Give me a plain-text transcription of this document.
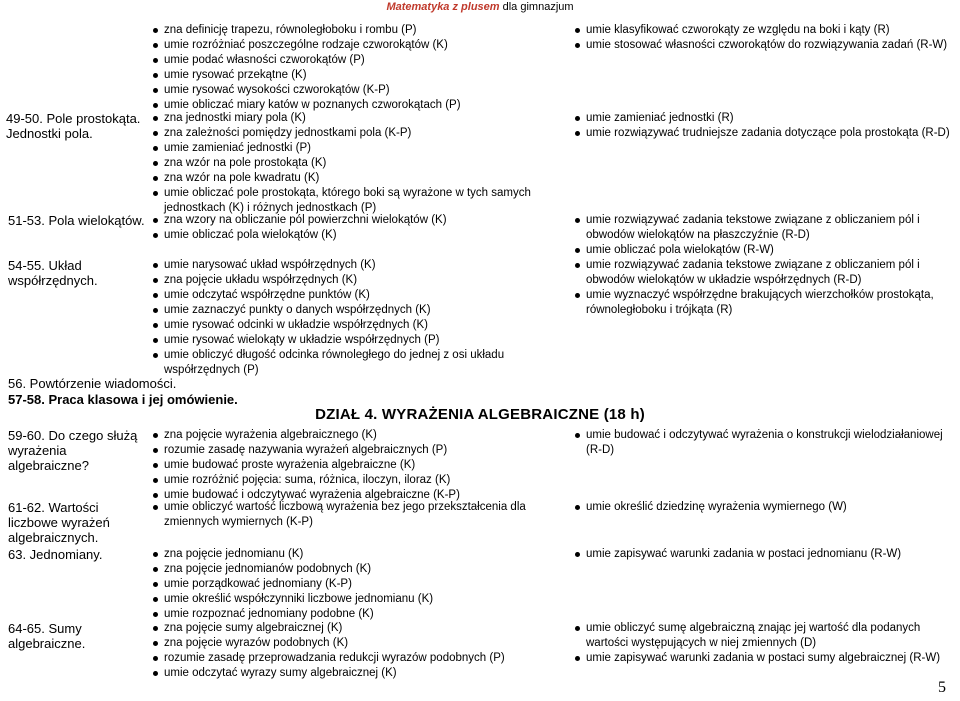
Matematyka z plusem dla gimnazjum
zna definicję trapezu, równoległoboku i rombu (P)
umie rozróżniać poszczególne rodzaje czworokątów (K)
umie podać własności czworokątów (P)
umie rysować przekątne (K)
umie rysować wysokości czworokątów (K-P)
umie obliczać miary katów w poznanych czworokątach (P)
umie klasyfikować czworokąty ze względu na boki i kąty (R)
umie stosować własności czworokątów do rozwiązywania zadań (R-W)
49-50. Pole prostokąta. Jednostki pola.
zna jednostki miary pola (K)
zna zależności pomiędzy jednostkami pola (K-P)
umie zamieniać jednostki (P)
zna wzór na pole prostokąta (K)
zna wzór na pole kwadratu (K)
umie obliczać pole prostokąta, którego boki są wyrażone w tych samych jednostkach (K) i różnych jednostkach (P)
umie zamieniać jednostki (R)
umie rozwiązywać trudniejsze zadania dotyczące pola prostokąta (R-D)
51-53. Pola wielokątów.	zna wzory na obliczanie pól powierzchni wielokątów (K)
umie obliczać pola wielokątów (K)
umie rozwiązywać zadania tekstowe związane z obliczaniem pól i obwodów wielokątów na płaszczyźnie (R-D)
umie obliczać pola wielokątów (R-W)
54-55. Układ współrzędnych.
umie narysować układ współrzędnych (K)
zna pojęcie układu współrzędnych (K)
umie odczytać współrzędne punktów (K)
umie zaznaczyć punkty o danych współrzędnych (K)
umie rysować odcinki w układzie współrzędnych (K)
umie rysować wielokąty w układzie współrzędnych (P)
umie obliczyć długość odcinka równoległego do jednej z osi układu współrzędnych (P)
umie rozwiązywać zadania tekstowe związane z obliczaniem pól i obwodów wielokątów w układzie współrzędnych (R-D)
umie wyznaczyć współrzędne brakujących wierzchołków prostokąta, równoległoboku i trójkąta (R)
56. Powtórzenie wiadomości.
57-58. Praca klasowa i jej omówienie.
DZIAŁ 4. WYRAŻENIA ALGEBRAICZNE (18 h)
59-60. Do czego służą wyrażenia algebraiczne?
zna pojęcie wyrażenia algebraicznego (K)
rozumie zasadę nazywania wyrażeń algebraicznych (P)
umie budować proste wyrażenia algebraiczne (K)
umie rozróżnić pojęcia: suma, różnica, iloczyn, iloraz (K)
umie budować i odczytywać wyrażenia algebraiczne (K-P)
umie budować i odczytywać wyrażenia o konstrukcji wielodziałaniowej (R-D)
61-62. Wartości liczbowe wyrażeń algebraicznych.
umie obliczyć wartość liczbową wyrażenia bez jego przekształcenia dla zmiennych wymiernych (K-P)
umie określić dziedzinę wyrażenia wymiernego (W)
63. Jednomiany.	zna pojęcie jednomianu (K)
zna pojęcie jednomianów podobnych (K)
umie porządkować jednomiany (K-P)
umie określić współczynniki liczbowe jednomianu (K)
umie rozpoznać jednomiany podobne (K)
umie zapisywać warunki zadania w postaci jednomianu (R-W)
64-65. Sumy algebraiczne.
zna pojęcie sumy algebraicznej (K)
zna pojęcie wyrazów podobnych (K)
rozumie zasadę przeprowadzania redukcji wyrazów podobnych (P)
umie odczytać wyrazy sumy algebraicznej (K)
umie obliczyć sumę algebraiczną znając jej wartość dla podanych wartości występujących w niej zmiennych (D)
umie zapisywać warunki zadania w postaci sumy algebraicznej (R-W)
5
